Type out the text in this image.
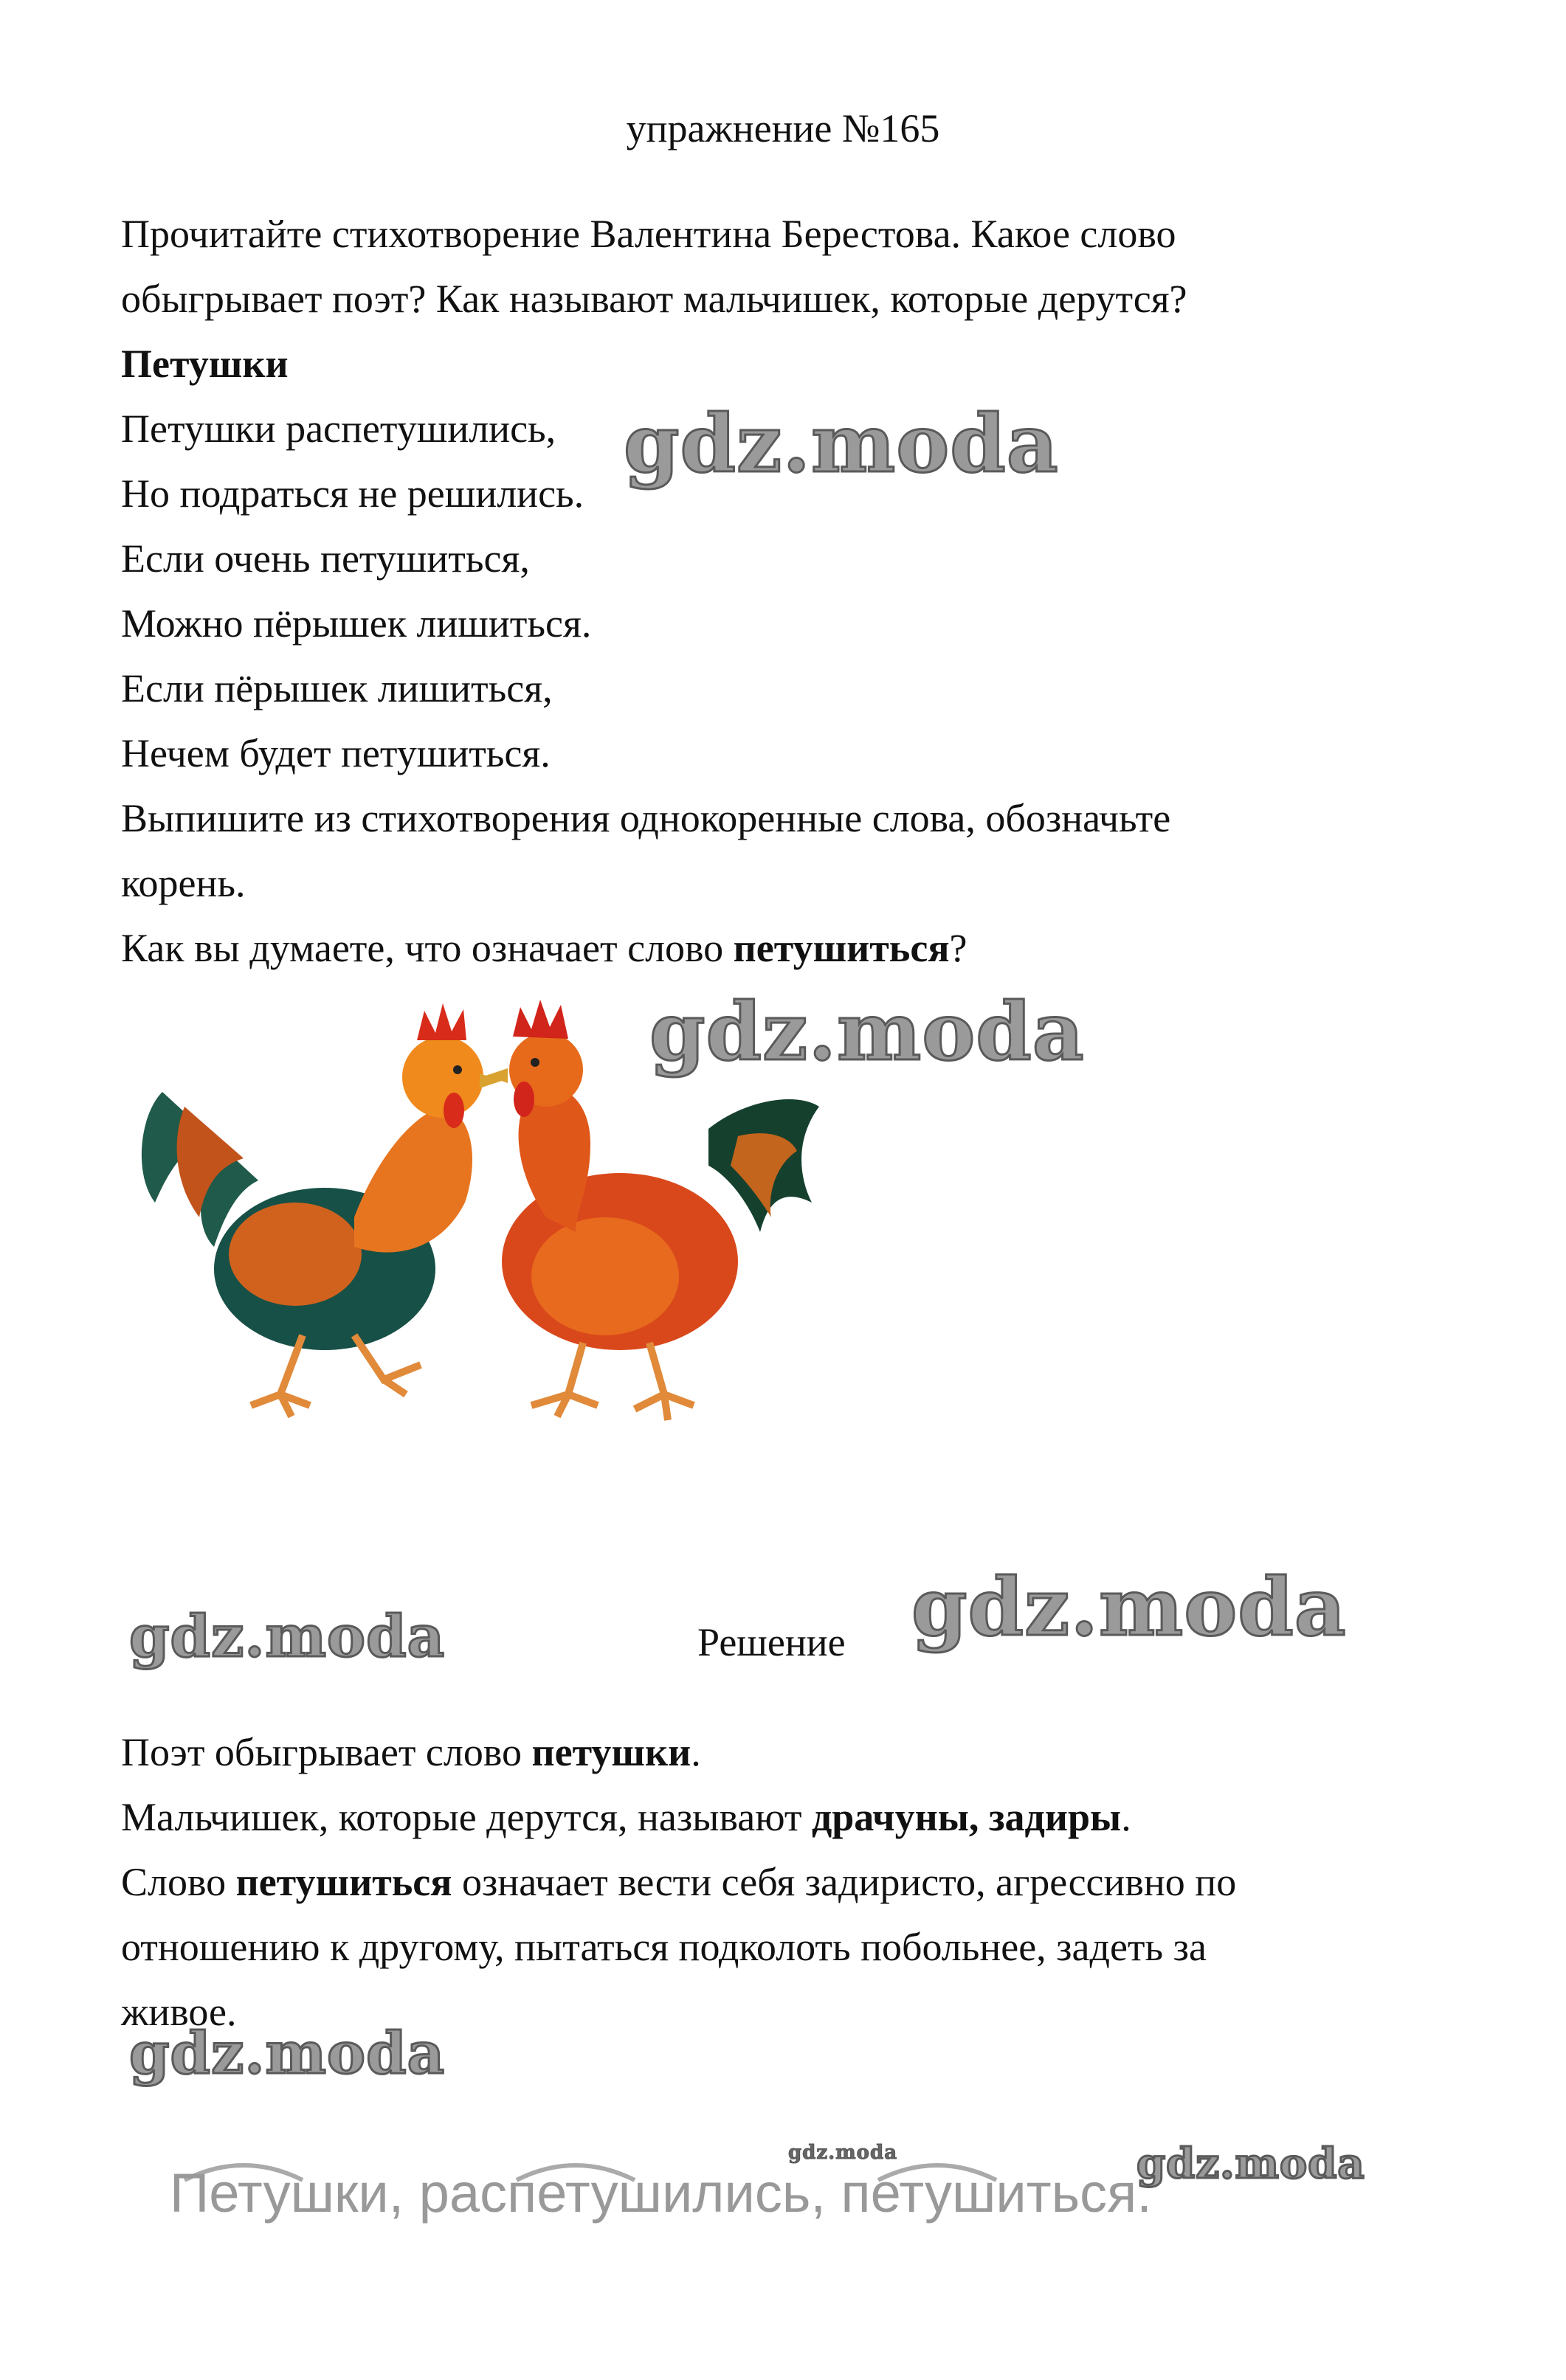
упражнение №165
Прочитайте стихотворение Валентина Берестова. Какое слово
обыгрывает поэт? Как называют мальчишек, которые дерутся?
Петушки
Петушки распетушились,
Но подраться не решились.
Если очень петушиться,
Можно пёрышек лишиться.
Если пёрышек лишиться,
Нечем будет петушиться.
Выпишите из стихотворения однокоренные слова, обозначьте
корень.
Как вы думаете, что означает слово петушиться?
gdz.moda
gdz.moda
gdz.moda	gdz.moda
gdz.moda
gdz.moda	gdz.moda
Решение
Поэт обыгрывает слово петушки.
Мальчишек, которые дерутся, называют драчуны, задиры.
Слово петушиться означает вести себя задиристо, агрессивно по
отношению к другому, пытаться подколоть побольнее, задеть за
живое.
Петушки, распетушились, петушиться.
